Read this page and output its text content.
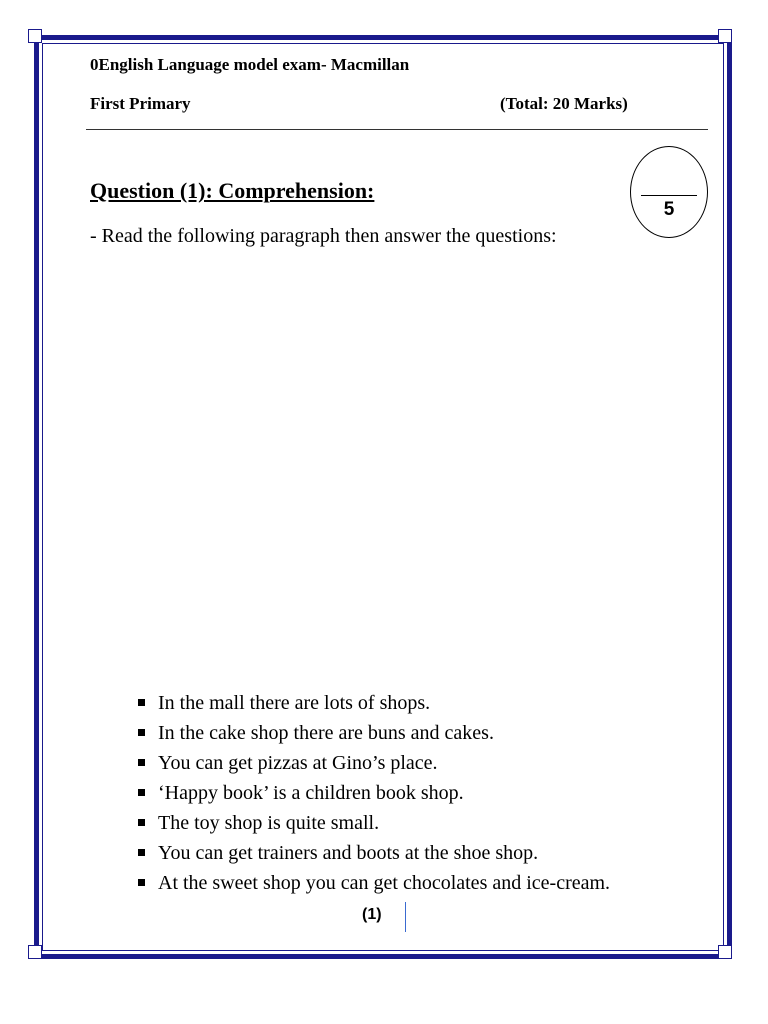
0English Language model exam- Macmillan
First Primary	(Total: 20 Marks)
Question (1): Comprehension:
- Read the following paragraph then answer the questions:
5
In the mall there are lots of shops.
In the cake shop there are buns and cakes.
You can get pizzas at Gino’s place.
‘Happy book’ is a children book shop.
The toy shop is quite small.
You can get trainers and boots at the shoe shop.
At the sweet shop you can get chocolates and ice-cream.
(1)
